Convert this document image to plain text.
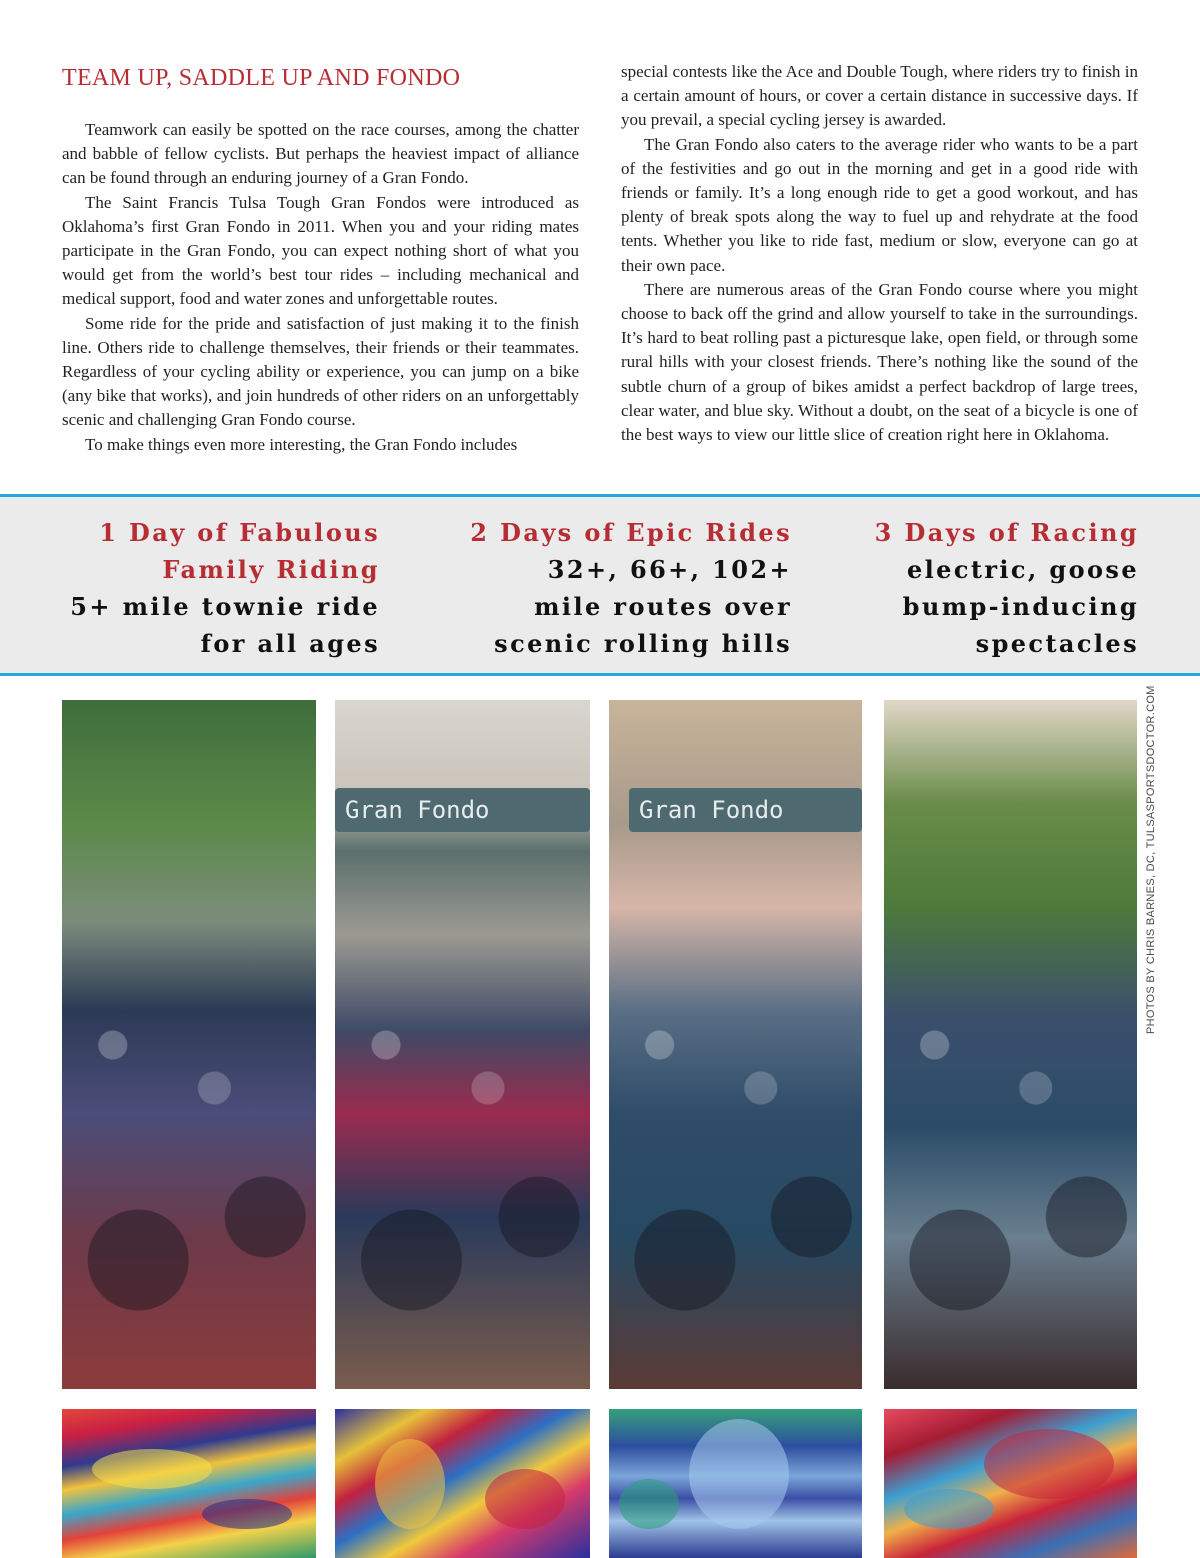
TEAM UP, SADDLE UP AND FONDO

Teamwork can easily be spotted on the race courses, among the chatter and babble of fellow cyclists. But perhaps the heaviest impact of alliance can be found through an enduring journey of a Gran Fondo.

The Saint Francis Tulsa Tough Gran Fondos were introduced as Oklahoma’s first Gran Fondo in 2011. When you and your riding mates participate in the Gran Fondo, you can expect nothing short of what you would get from the world’s best tour rides – including mechanical and medical support, food and water zones and unforgettable routes.

Some ride for the pride and satisfaction of just making it to the finish line. Others ride to challenge themselves, their friends or their teammates. Regardless of your cycling ability or experience, you can jump on a bike (any bike that works), and join hundreds of other riders on an unforgettably scenic and challenging Gran Fondo course.

To make things even more interesting, the Gran Fondo includes

special contests like the Ace and Double Tough, where riders try to finish in a certain amount of hours, or cover a certain distance in successive days. If you prevail, a special cycling jersey is awarded.

The Gran Fondo also caters to the average rider who wants to be a part of the festivities and go out in the morning and get in a good ride with friends or family. It’s a long enough ride to get a good workout, and has plenty of break spots along the way to fuel up and rehydrate at the food tents. Whether you like to ride fast, medium or slow, everyone can go at their own pace.

There are numerous areas of the Gran Fondo course where you might choose to back off the grind and allow yourself to take in the surroundings. It’s hard to beat rolling past a picturesque lake, open field, or through some rural hills with your closest friends. There’s nothing like the sound of the subtle churn of a group of bikes amidst a perfect backdrop of large trees, clear water, and blue sky. Without a doubt, on the seat of a bicycle is one of the best ways to view our little slice of creation right here in Oklahoma.

1 Day of Fabulous
Family Riding
5+ mile townie ride
for all ages
2 Days of Epic Rides
32+, 66+, 102+
mile routes over
scenic rolling hills
3 Days of Racing
electric, goose
bump-inducing
spectacles
Gran Fondo	Gran Fondo	PHOTOS BY CHRIS BARNES, DC, TULSASPORTSDOCTOR.COM
